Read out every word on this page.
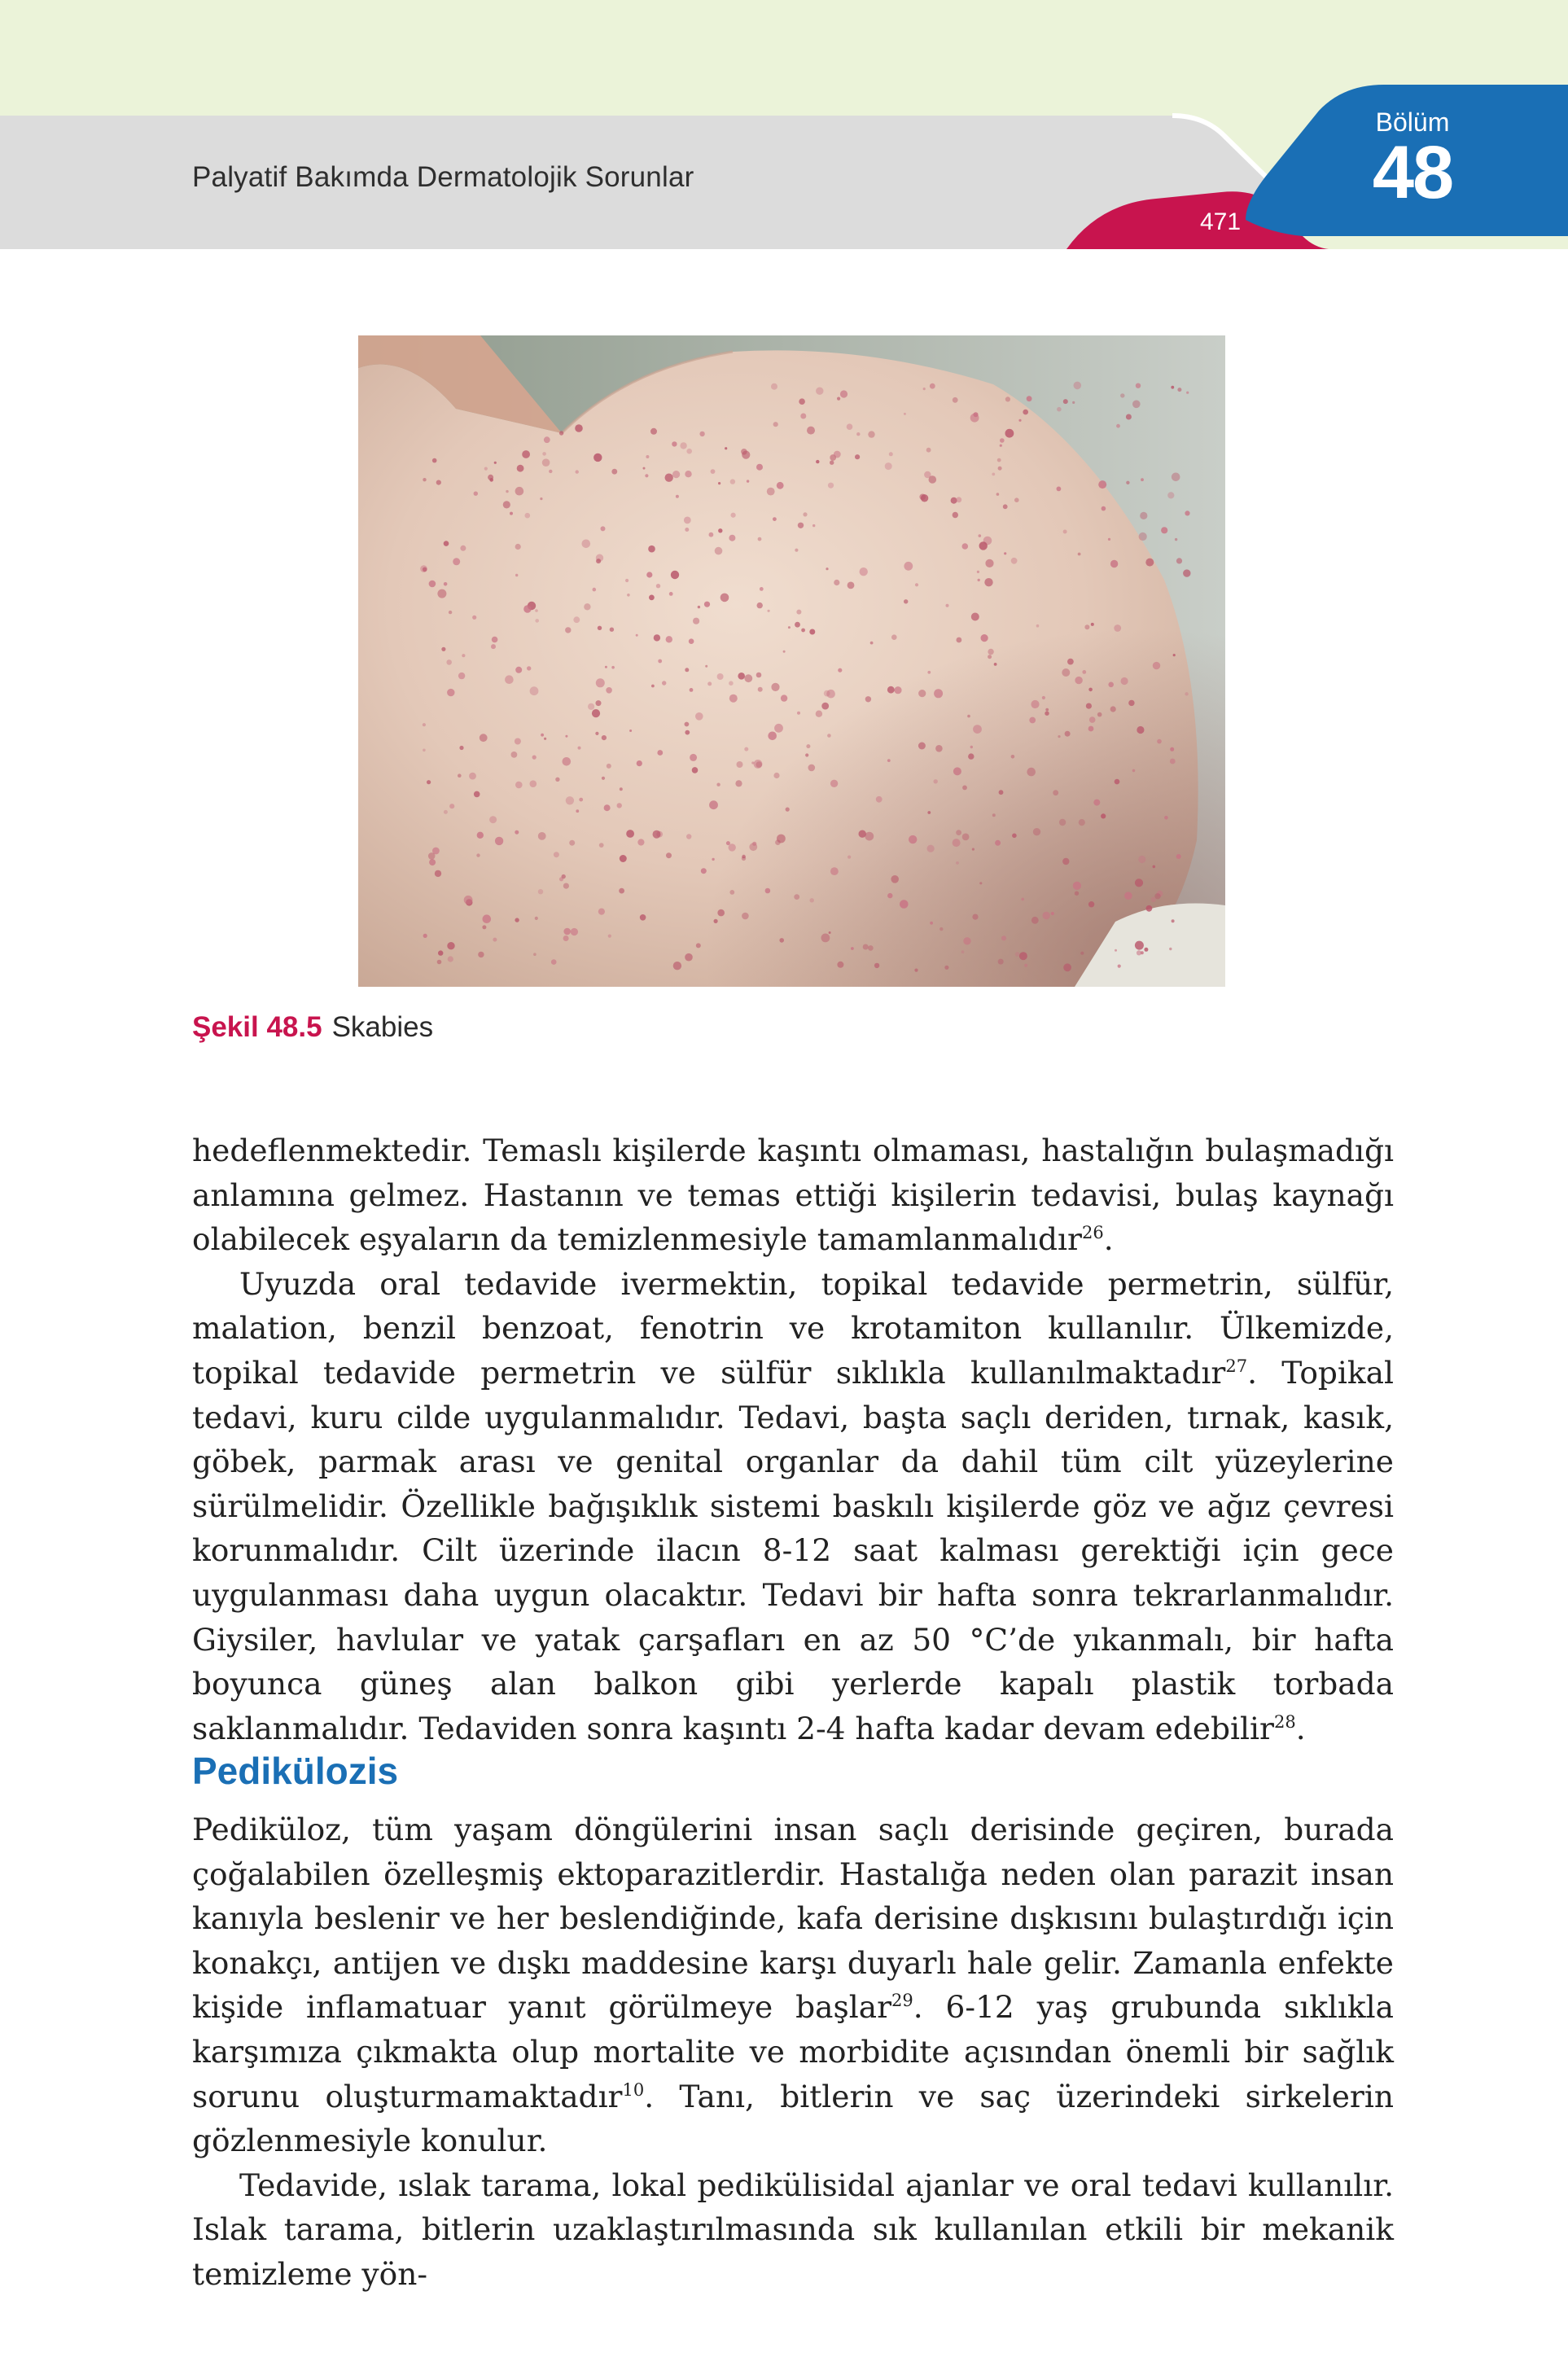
Palyatif Bakımda Dermatolojik Sorunlar
471
Bölüm
48
Şekil 48.5 Skabies

hedeflenmektedir. Temaslı kişilerde kaşıntı olmaması, hastalığın bulaşmadığı anlamına gelmez. Hastanın ve temas ettiği kişilerin tedavisi, bulaş kaynağı olabilecek eşyaların da temizlenmesiyle tamamlanmalıdır$^{26}$.

Uyuzda oral tedavide ivermektin, topikal tedavide permetrin, sülfür, malation, benzil benzoat, fenotrin ve krotamiton kullanılır. Ülkemizde, topikal tedavide permetrin ve sülfür sıklıkla kullanılmaktadır$^{27}$. Topikal tedavi, kuru cilde uygulanmalıdır. Tedavi, başta saçlı deriden, tırnak, kasık, göbek, parmak arası ve genital organlar da dahil tüm cilt yüzeylerine sürülmelidir. Özellikle bağışıklık sistemi baskılı kişilerde göz ve ağız çevresi korunmalıdır. Cilt üzerinde ilacın 8-12 saat kalması gerektiği için gece uygulanması daha uygun olacaktır. Tedavi bir hafta sonra tekrarlanmalıdır. Giysiler, havlular ve yatak çarşafları en az 50 °C’de yıkanmalı, bir hafta boyunca güneş alan balkon gibi yerlerde kapalı plastik torbada saklanmalıdır. Tedaviden sonra kaşıntı 2-4 hafta kadar devam edebilir$^{28}$.

Pedikülozis

Pediküloz, tüm yaşam döngülerini insan saçlı derisinde geçiren, burada çoğalabilen özelleşmiş ektoparazitlerdir. Hastalığa neden olan parazit insan kanıyla beslenir ve her beslendiğinde, kafa derisine dışkısını bulaştırdığı için konakçı, antijen ve dışkı maddesine karşı duyarlı hale gelir. Zamanla enfekte kişide inflamatuar yanıt görülmeye başlar$^{29}$. 6-12 yaş grubunda sıklıkla karşımıza çıkmakta olup mortalite ve morbidite açısından önemli bir sağlık sorunu oluşturmamaktadır$^{10}$. Tanı, bitlerin ve saç üzerindeki sirkelerin gözlenmesiyle konulur.

Tedavide, ıslak tarama, lokal pedikülisidal ajanlar ve oral tedavi kullanılır. Islak tarama, bitlerin uzaklaştırılmasında sık kullanılan etkili bir mekanik temizleme yön-
